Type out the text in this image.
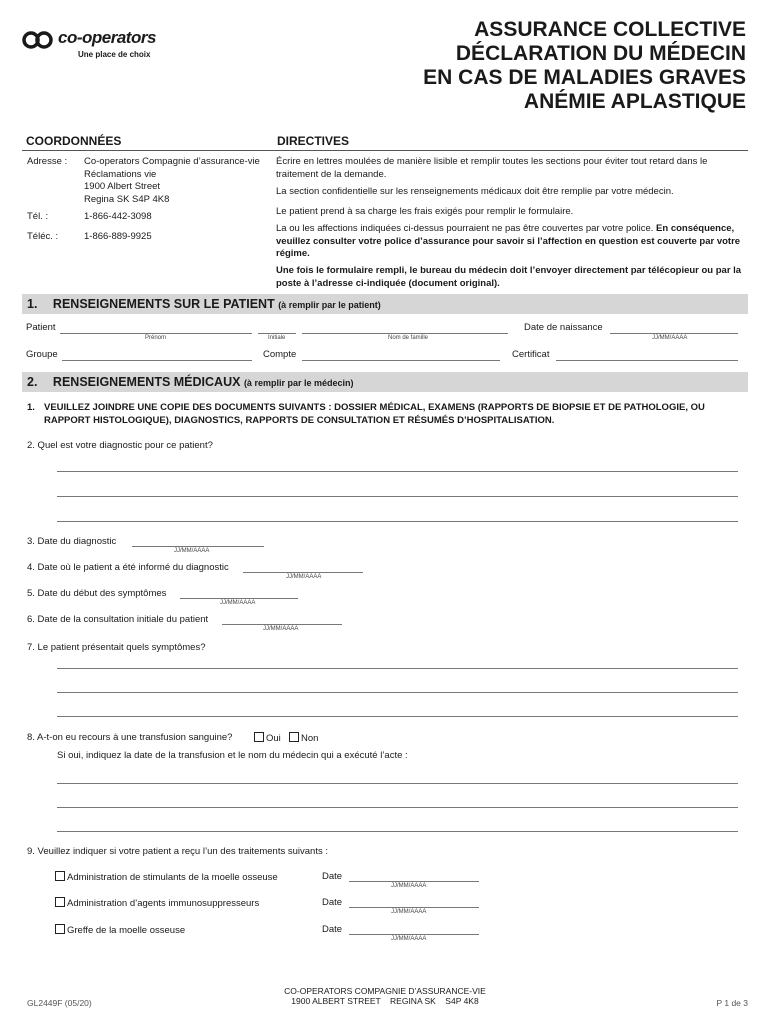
co-operators
Une place de choix
ASSURANCE COLLECTIVE
DÉCLARATION DU MÉDECIN
EN CAS DE MALADIES GRAVES
ANÉMIE APLASTIQUE
COORDONNÉES	DIRECTIVES
Adresse : Co-operators Compagnie d’assurance-vie
Réclamations vie
1900 Albert Street
Regina SK S4P 4K8
Tél. :	1-866-442-3098
Téléc. :	1-866-889-9925
Écrire en lettres moulées de manière lisible et remplir toutes les sections pour éviter tout retard dans le traitement de la demande.
La section confidentielle sur les renseignements médicaux doit être remplie par votre médecin.
Le patient prend à sa charge les frais exigés pour remplir le formulaire.
La ou les affections indiquées ci-dessus pourraient ne pas être couvertes par votre police. En conséquence, veuillez consulter votre police d’assurance pour savoir si l’affection en question est couverte par votre régime.
Une fois le formulaire rempli, le bureau du médecin doit l’envoyer directement par télécopieur ou par la poste à l’adresse ci-indiquée (document original).
1. RENSEIGNEMENTS SUR LE PATIENT (à remplir par le patient)
Patient
Prénom	Initiale	Nom de famille
Date de naissance
JJ/MM/AAAA
Groupe	Compte	Certificat
2. RENSEIGNEMENTS MÉDICAUX (à remplir par le médecin)
1. VEUILLEZ JOINDRE UNE COPIE DES DOCUMENTS SUIVANTS : DOSSIER MÉDICAL, EXAMENS (RAPPORTS DE BIOPSIE ET DE PATHOLOGIE, OU RAPPORT HISTOLOGIQUE), DIAGNOSTICS, RAPPORTS DE CONSULTATION ET RÉSUMÉS D’HOSPITALISATION.
2. Quel est votre diagnostic pour ce patient?
3. Date du diagnostic
JJ/MM/AAAA
4. Date où le patient a été informé du diagnostic
JJ/MM/AAAA
5. Date du début des symptômes
JJ/MM/AAAA
6. Date de la consultation initiale du patient
JJ/MM/AAAA
7. Le patient présentait quels symptômes?
8. A-t-on eu recours à une transfusion sanguine?	Oui	Non
Si oui, indiquez la date de la transfusion et le nom du médecin qui a exécuté l’acte :
9. Veuillez indiquer si votre patient a reçu l’un des traitements suivants :
Administration de stimulants de la moelle osseuse	Date
JJ/MM/AAAA
Administration d’agents immunosuppresseurs	Date
JJ/MM/AAAA
Greffe de la moelle osseuse	Date
JJ/MM/AAAA
GL2449F (05/20)
CO-OPERATORS COMPAGNIE D’ASSURANCE-VIE
1900 ALBERT STREET    REGINA SK    S4P 4K8	P 1 de 3
